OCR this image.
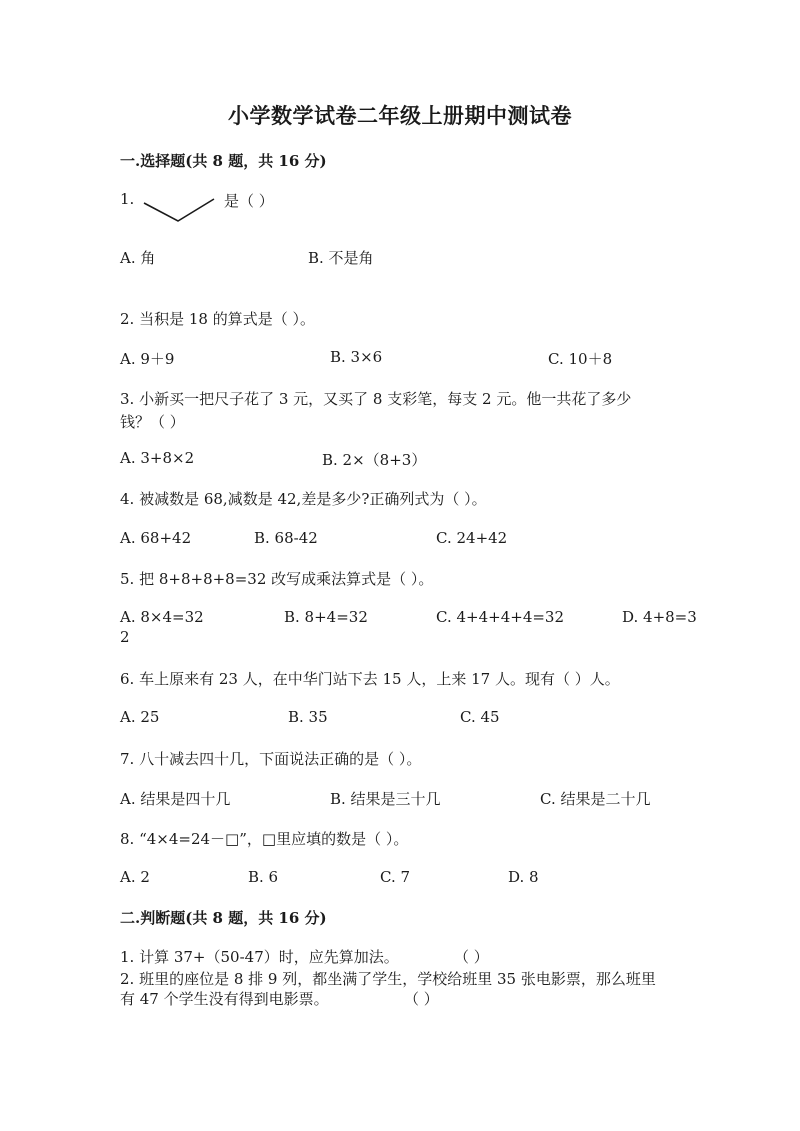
小学数学试卷二年级上册期中测试卷
一.选择题(共 8 题，共 16 分)
1.	是（ ）
A. 角	B. 不是角
2. 当积是 18 的算式是（ ）。
A. 9＋9	B. 3×6	C. 10＋8
3. 小新买一把尺子花了 3 元，又买了 8 支彩笔，每支 2 元。他一共花了多少
钱？（ ）
A. 3+8×2	B. 2×（8+3）
4. 被减数是 68,减数是 42,差是多少?正确列式为（ ）。
A. 68+42	B. 68-42	C. 24+42
5. 把 8+8+8+8=32 改写成乘法算式是（ ）。
A. 8×4=32	B. 8+4=32	C. 4+4+4+4=32	D. 4+8=3
2
6. 车上原来有 23 人，在中华门站下去 15 人，上来 17 人。现有（ ）人。
A. 25	B. 35	C. 45
7. 八十减去四十几，下面说法正确的是（ ）。
A. 结果是四十几	B. 结果是三十几	C. 结果是二十几
8. “4×4=24－□”，□里应填的数是（ ）。
A. 2	B. 6	C. 7	D. 8
二.判断题(共 8 题，共 16 分)
1. 计算 37+（50-47）时，应先算加法。	（ ）
2. 班里的座位是 8 排 9 列，都坐满了学生，学校给班里 35 张电影票，那么班里
有 47 个学生没有得到电影票。	（ ）
